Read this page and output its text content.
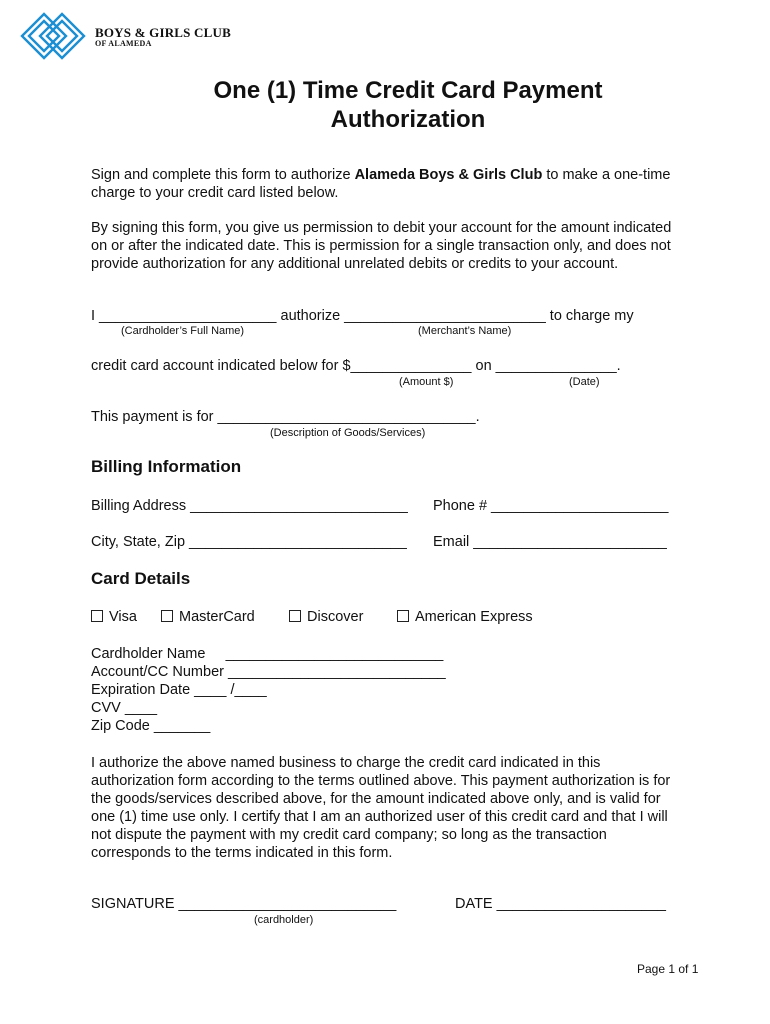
BOYS & GIRLS CLUB
OF ALAMEDA
One (1) Time Credit Card Payment
Authorization
Sign and complete this form to authorize Alameda Boys & Girls Club to make a one-time charge to your credit card listed below.
By signing this form, you give us permission to debit your account for the amount indicated on or after the indicated date. This is permission for a single transaction only, and does not provide authorization for any additional unrelated debits or credits to your account.
I ______________________ authorize _________________________ to charge my
(Cardholder’s Full Name)	(Merchant’s Name)
credit card account indicated below for $_______________ on _______________.
(Amount $)	(Date)
This payment is for ________________________________.
(Description of Goods/Services)
Billing Information
Billing Address ___________________________ Phone # ______________________
City, State, Zip ___________________________ Email ________________________
Card Details
Visa	MasterCard	Discover	American Express
Cardholder Name     ___________________________
Account/CC Number ___________________________
Expiration Date ____ /____
CVV ____
Zip Code _______
I authorize the above named business to charge the credit card indicated in this authorization form according to the terms outlined above. This payment authorization is for the goods/services described above, for the amount indicated above only, and is valid for one (1) time use only. I certify that I am an authorized user of this credit card and that I will not dispute the payment with my credit card company; so long as the transaction corresponds to the terms indicated in this form.
SIGNATURE ___________________________
(cardholder)
DATE _____________________
Page 1 of 1
